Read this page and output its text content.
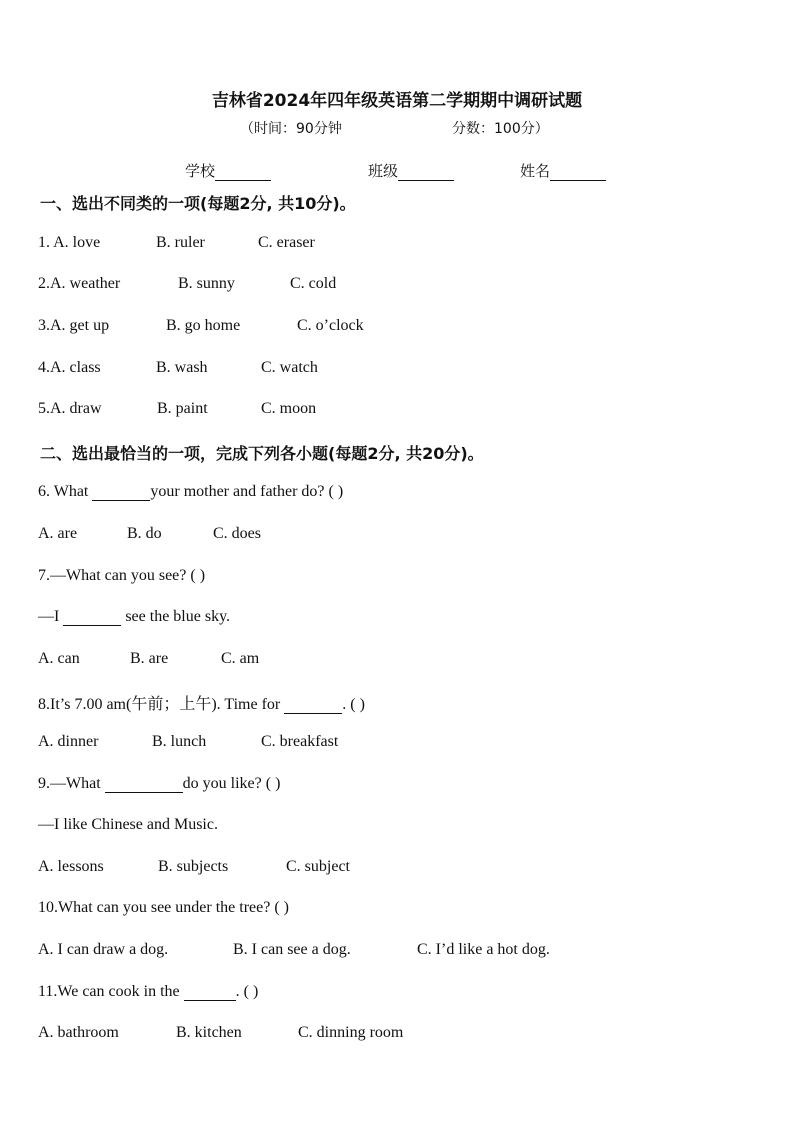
吉林省2024年四年级英语第二学期期中调研试题
（时间：90分钟	分数：100分）
学校	班级	姓名
一、选出不同类的一项(每题2分, 共10分)。
1. A. love	B. ruler	C. eraser
2.A. weather	B. sunny	C. cold
3.A. get up	B. go home	C. o’clock
4.A. class	B. wash	C. watch
5.A. draw	B. paint	C. moon
二、选出最恰当的一项，完成下列各小题(每题2分, 共20分)。
6. What	your mother and father do? ( )
A. are	B. do	C. does
7.—What can you see? ( )
—I	see the blue sky.
A. can	B. are	C. am
8.It’s 7.00 am(午前；上午). Time for	. ( )
A. dinner	B. lunch	C. breakfast
9.—What	do you like? ( )
—I like Chinese and Music.
A. lessons	B. subjects	C. subject
10.What can you see under the tree? ( )
A. I can draw a dog.	B. I can see a dog.	C. I’d like a hot dog.
11.We can cook in the	. ( )
A. bathroom	B. kitchen	C. dinning room
